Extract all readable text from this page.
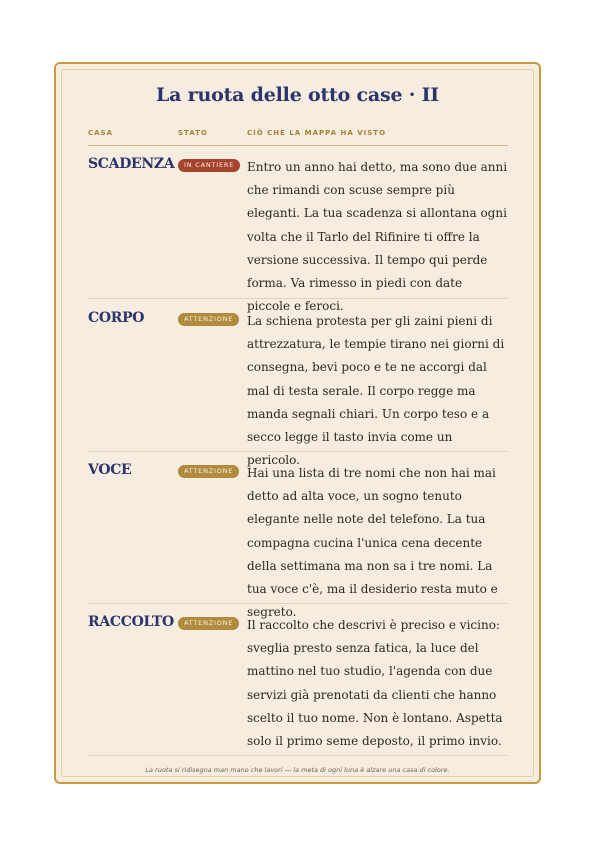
La ruota delle otto case · II
CASA	STATO	CIÒ CHE LA MAPPA HA VISTO
SCADENZA	IN CANTIERE	Entro un anno hai detto, ma sono due anni che rimandi con scuse sempre più eleganti. La tua scadenza si allontana ogni volta che il Tarlo del Rifinire ti offre la versione successiva. Il tempo qui perde forma. Va rimesso in piedi con date piccole e feroci.
CORPO	ATTENZIONE	La schiena protesta per gli zaini pieni di attrezzatura, le tempie tirano nei giorni di consegna, bevi poco e te ne accorgi dal mal di testa serale. Il corpo regge ma manda segnali chiari. Un corpo teso e a secco legge il tasto invia come un pericolo.
VOCE	ATTENZIONE	Hai una lista di tre nomi che non hai mai detto ad alta voce, un sogno tenuto elegante nelle note del telefono. La tua compagna cucina l'unica cena decente della settimana ma non sa i tre nomi. La tua voce c'è, ma il desiderio resta muto e segreto.
RACCOLTO	ATTENZIONE	Il raccolto che descrivi è preciso e vicino: sveglia presto senza fatica, la luce del mattino nel tuo studio, l'agenda con due servizi già prenotati da clienti che hanno scelto il tuo nome. Non è lontano. Aspetta solo il primo seme deposto, il primo invio.
La ruota si ridisegna man mano che lavori — la meta di ogni luna è alzare una casa di colore.
